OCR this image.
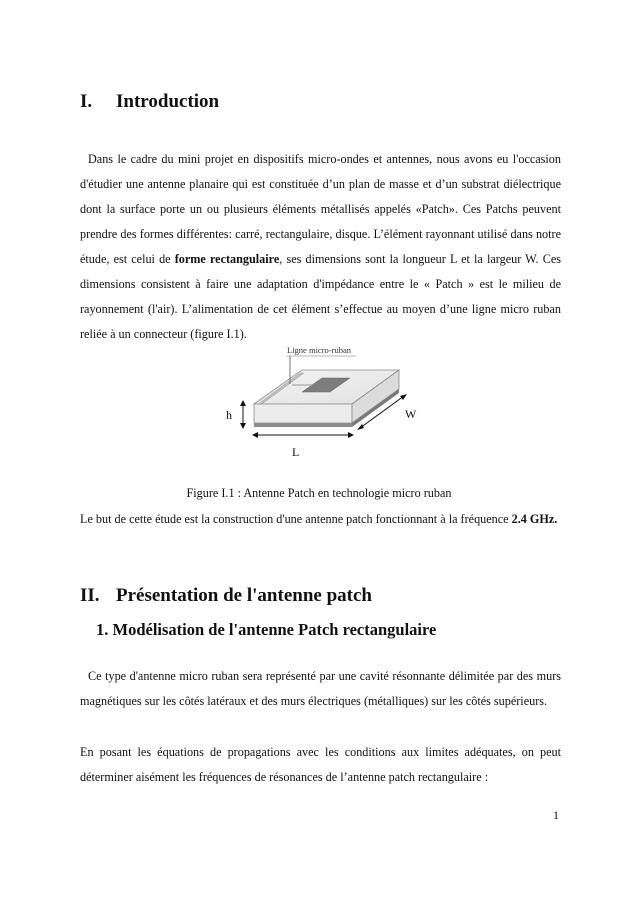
I. Introduction

Dans le cadre du mini projet en dispositifs micro-ondes et antennes, nous avons eu l'occasion d'étudier une antenne planaire qui est constituée d’un plan de masse et d’un substrat diélectrique dont la surface porte un ou plusieurs éléments métallisés appelés «Patch». Ces Patchs peuvent prendre des formes différentes: carré, rectangulaire, disque. L’élément rayonnant utilisé dans notre étude, est celui de forme rectangulaire, ses dimensions sont la longueur L et la largeur W. Ces dimensions consistent à faire une adaptation d'impédance entre le « Patch » est le milieu de rayonnement (l'air). L’alimentation de cet élément s’effectue au moyen d’une ligne micro ruban reliée à un connecteur (figure I.1).

Ligne micro-ruban
h	W
L
Figure I.1 : Antenne Patch en technologie micro ruban

Le but de cette étude est la construction d'une antenne patch fonctionnant à la fréquence 2.4 GHz.

II. Présentation de l'antenne patch
1. Modélisation de l'antenne Patch rectangulaire

Ce type d'antenne micro ruban sera représenté par une cavité résonnante délimitée par des murs magnétiques sur les côtés latéraux et des murs électriques (métalliques) sur les côtés supérieurs.

En posant les équations de propagations avec les conditions aux limites adéquates, on peut déterminer aisément les fréquences de résonances de l’antenne patch rectangulaire :

1
